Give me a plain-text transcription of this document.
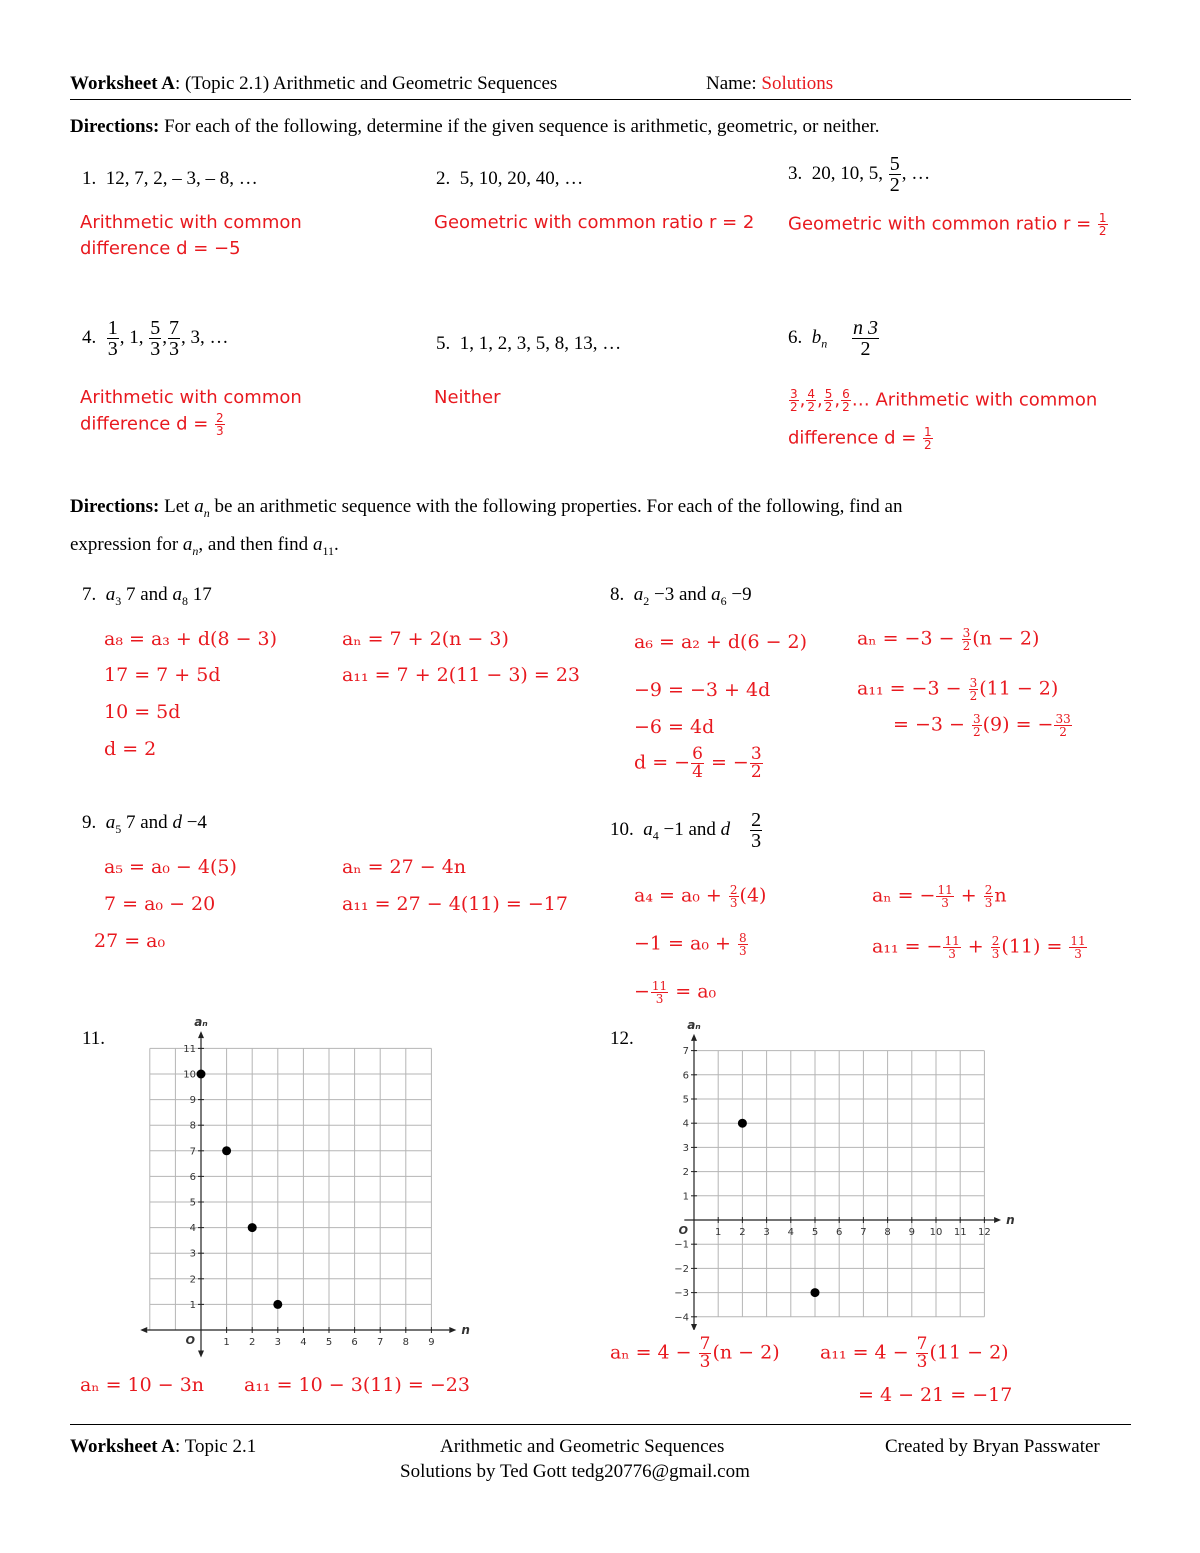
Worksheet A: (Topic 2.1) Arithmetic and Geometric Sequences	Name: Solutions
Directions: For each of the following, determine if the given sequence is arithmetic, geometric, or neither.
1. 12, 7, 2, – 3, – 8, …
Arithmetic with common
difference d = −5
2. 5, 10, 20, 40, …
Geometric with common ratio r = 2
3. 20, 10, 5, $\frac{5}{2}$ , …
Geometric with common ratio $r = \frac{1}{2}$
4. $\frac{1}{3}$ , 1, $\frac{5}{3}$ , $\frac{7}{3}$ , 3, …
Arithmetic with common
difference $d = \frac{2}{3}$
5. 1, 1, 2, 3, 5, 8, 13, …
Neither
6. $b_n \frac{n 3}{2}$
$\frac{3}{2}$ , $\frac{4}{2}$ , $\frac{5}{2}$ , $\frac{6}{2}$ … Arithmetic with common
difference $d = \frac{1}{2}$
Directions: Let $a_n$ be an arithmetic sequence with the following properties. For each of the following, find an
expression for $a_n$, and then find $a_{11}$.
7. $a_3$ 7 and $a_8$ 17
a₈ = a₃ + d(8 − 3)
17 = 7 + 5d
10 = 5d
d = 2
aₙ = 7 + 2(n − 3)
a₁₁ = 7 + 2(11 − 3) = 23
8. $a_2 -3$ and $a_6 -9$
a₆ = a₂ + d(6 − 2)
−9 = −3 + 4d
−6 = 4d
d = − $\frac{6}{4}$ = − $\frac{3}{2}$
$a_n = -3 - \frac{3}{2} (n - 2)$
$a_{11} = -3 - \frac{3}{2} (11 - 2)$
= $-3 - \frac{3}{2} (9)$ = − $\frac{33}{2}$
9. $a_5$ 7 and d −4
a₅ = a₀ − 4(5)
7 = a₀ − 20
27 = a₀
aₙ = 27 − 4n
a₁₁ = 27 − 4(11) = −17
10. $a_4 -1$ and d $\frac{2}{3}$
$a_4 = a_0 + \frac{2}{3} (4)$
$-1 = a_0 + \frac{8}{3}$
− $\frac{11}{3} = a_0$
aₙ = − $\frac{11}{3} + \frac{2}{3}$ n
a₁₁ = − $\frac{11}{3} + \frac{2}{3} (11) = \frac{11}{3}$
11.
1 2 3 4 5 6 7 8 9
1
2
3
4
5
6
7
8
9
10
11
O
n
aₙ
aₙ = 10 − 3n a₁₁ = 10 − 3(11) = −23
12.
1 2 3 4 5 6 7 8 9 10 11 12
−4
−3
−2
−1
1
2
3
4
5
6
7
O
n
aₙ
$a_n = 4 - \frac{7}{3} (n - 2) a_{11} = 4 - \frac{7}{3} (11 - 2)$
= 4 − 21 = −17
Worksheet A: Topic 2.1	Arithmetic and Geometric Sequences	Created by Bryan Passwater
Solutions by Ted Gott tedg20776@gmail.com
